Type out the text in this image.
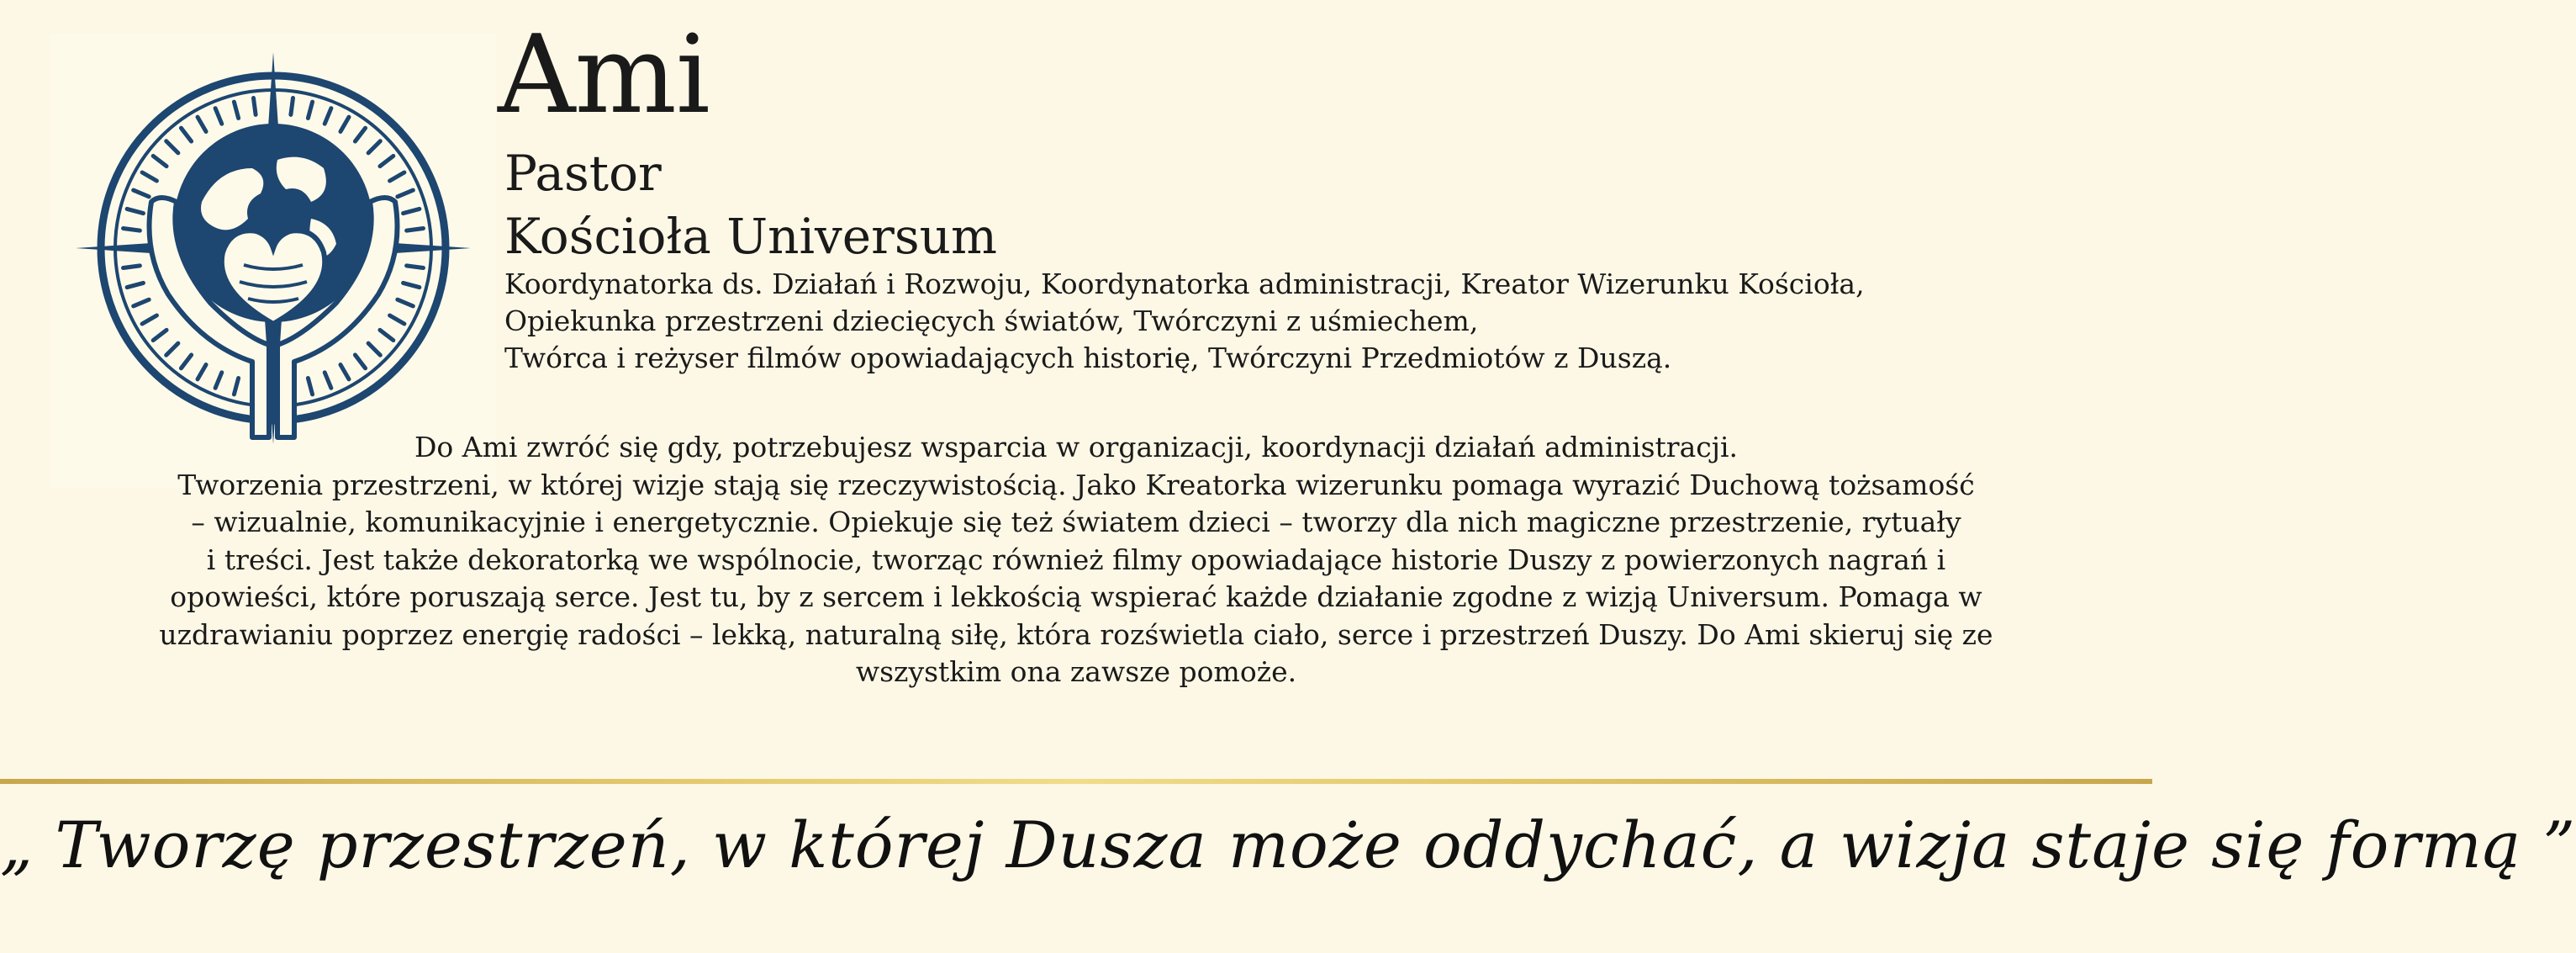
Ami
Pastor
Kościoła Universum
Koordynatorka ds. Działań i Rozwoju, Koordynatorka administracji, Kreator Wizerunku Kościoła,
Opiekunka przestrzeni dziecięcych światów, Twórczyni z uśmiechem,
Twórca i reżyser filmów opowiadających historię, Twórczyni Przedmiotów z Duszą.
Do Ami zwróć się gdy, potrzebujesz wsparcia w organizacji, koordynacji działań administracji.
Tworzenia przestrzeni, w której wizje stają się rzeczywistością. Jako Kreatorka wizerunku pomaga wyrazić Duchową tożsamość
– wizualnie, komunikacyjnie i energetycznie. Opiekuje się też światem dzieci – tworzy dla nich magiczne przestrzenie, rytuały
i treści. Jest także dekoratorką we wspólnocie, tworząc również filmy opowiadające historie Duszy z powierzonych nagrań i
opowieści, które poruszają serce. Jest tu, by z sercem i lekkością wspierać każde działanie zgodne z wizją Universum. Pomaga w
uzdrawianiu poprzez energię radości – lekką, naturalną siłę, która rozświetla ciało, serce i przestrzeń Duszy. Do Ami skieruj się ze
wszystkim ona zawsze pomoże.
„ Tworzę przestrzeń, w której Dusza może oddychać, a wizja staje się formą ”
